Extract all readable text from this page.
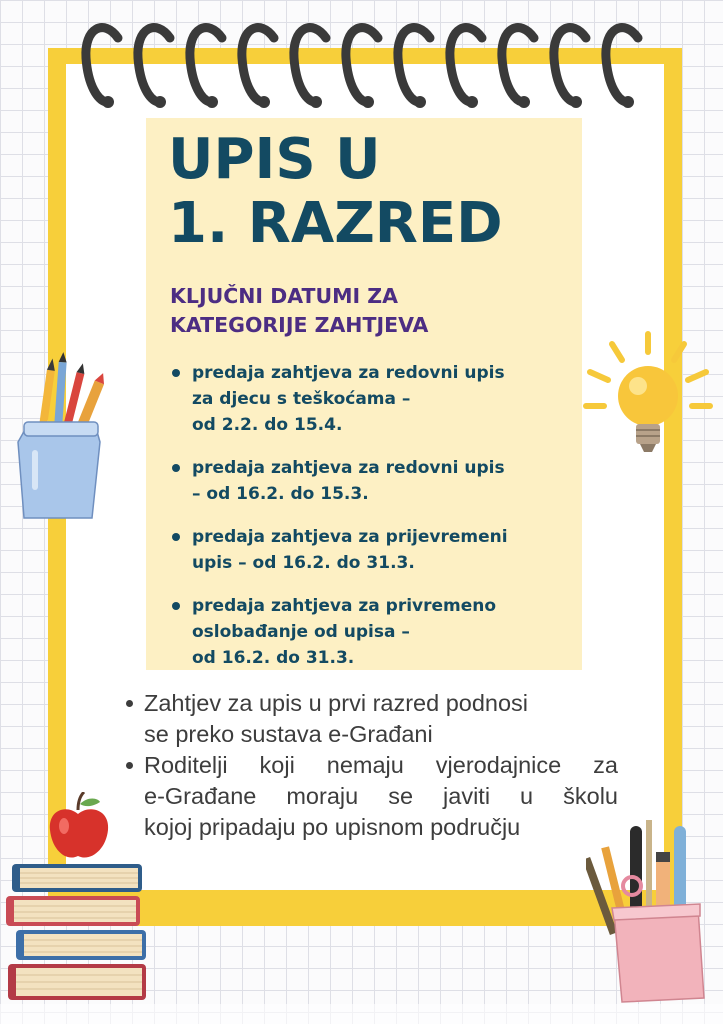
UPIS U
1. RAZRED
KLJUČNI DATUMI ZA
KATEGORIJE ZAHTJEVA
predaja zahtjeva za redovni upis
za djecu s teškoćama –
od 2.2. do 15.4.
predaja zahtjeva za redovni upis
– od 16.2. do 15.3.
predaja zahtjeva za prijevremeni
upis – od 16.2. do 31.3.
predaja zahtjeva za privremeno
oslobađanje od upisa –
od 16.2. do 31.3.
Zahtjev za upis u prvi razred podnosi
se preko sustava e-Građani
Roditelji koji nemaju vjerodajnice za
e-Građane moraju se javiti u školu
kojoj pripadaju po upisnom području
